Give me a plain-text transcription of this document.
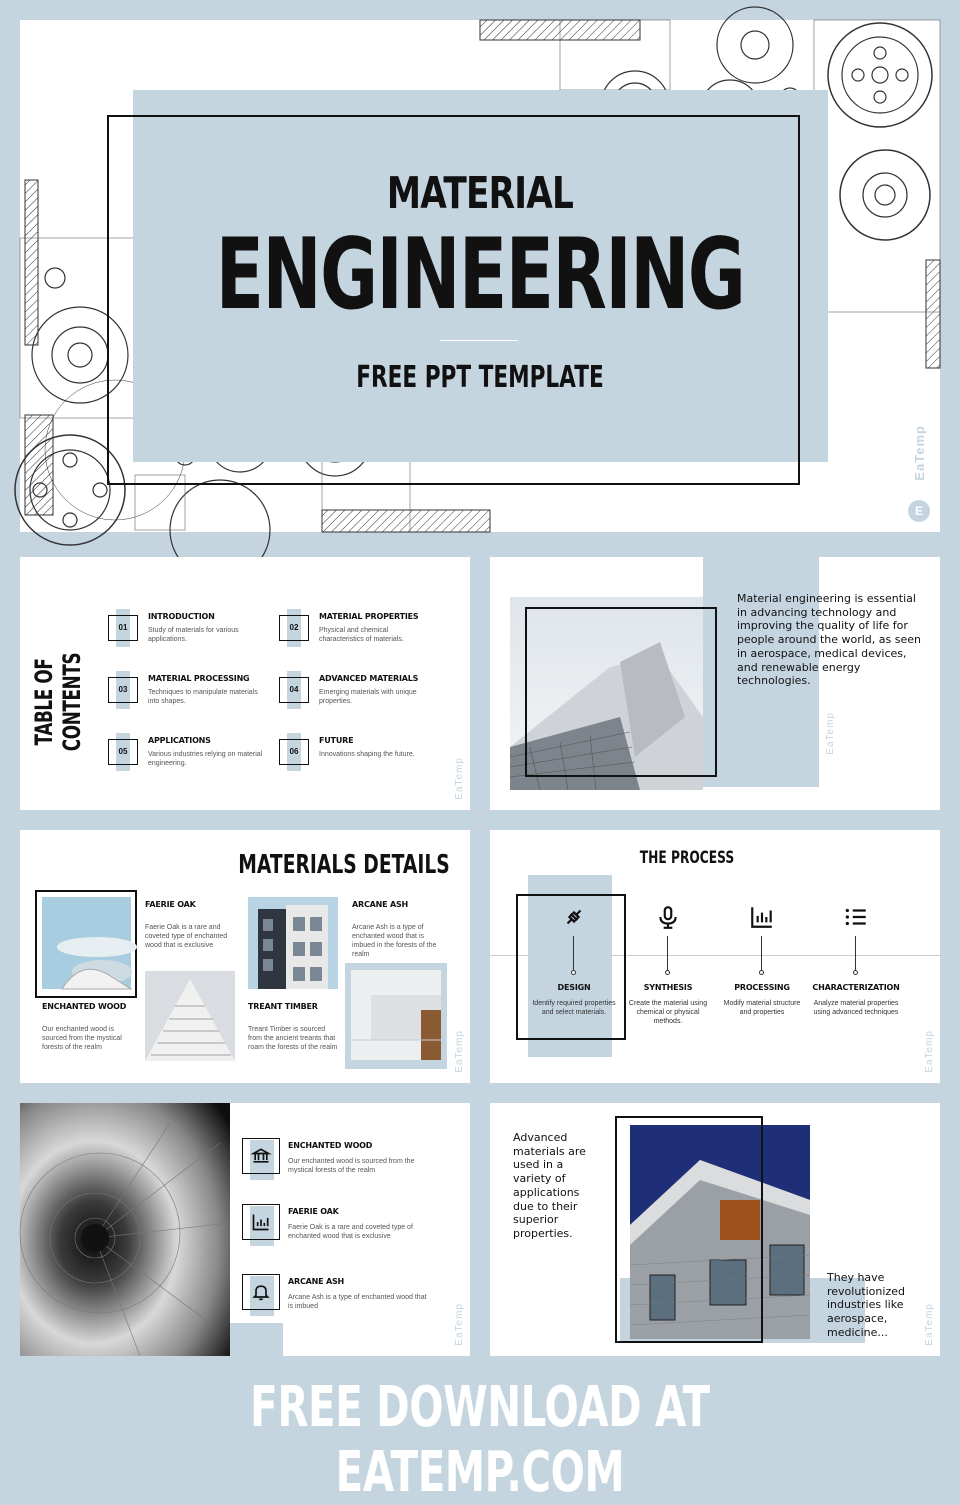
MATERIAL
ENGINEERING
FREE PPT TEMPLATE
E
EaTemp
TABLE OF CONTENTS
01
INTRODUCTION
Study of materials for various applications.
02
MATERIAL PROPERTIES
Physical and chemical characteristics of materials.
03
MATERIAL PROCESSING
Techniques to manipulate materials into shapes.
04
ADVANCED MATERIALS
Emerging materials with unique properties.
05
APPLICATIONS
Various industries relying on material engineering.
06
FUTURE
Innovations shaping the future.
EaTemp
Material engineering is essential in advancing technology and improving the quality of life for people around the world, as seen in aerospace, medical devices, and renewable energy technologies.
EaTemp
MATERIALS DETAILS
ENCHANTED WOOD
Our enchanted wood is sourced from the mystical forests of the realm
FAERIE OAK
Faerie Oak is a rare and coveted type of enchanted wood that is exclusive
TREANT TIMBER
Treant Timber is sourced from the ancient treants that roam the forests of the realm
ARCANE ASH
Arcane Ash is a type of enchanted wood that is imbued in the forests of the realm
EaTemp
THE PROCESS
DESIGN
Identify required properties and select materials.
SYNTHESIS
Create the material using chemical or physical methods.
PROCESSING
Modify material structure and properties
CHARACTERIZATION
Analyze material properties using advanced techniques
EaTemp
ENCHANTED WOOD
Our enchanted wood is sourced from the mystical forests of the realm
FAERIE OAK
Faerie Oak is a rare and coveted type of enchanted wood that is exclusive
ARCANE ASH
Arcane Ash is a type of enchanted wood that is imbued	EaTemp
Advanced materials are used in a variety of applications due to their superior properties.
They have revolutionized industries like aerospace, medicine...	EaTemp
FREE DOWNLOAD AT EATEMP.COM
